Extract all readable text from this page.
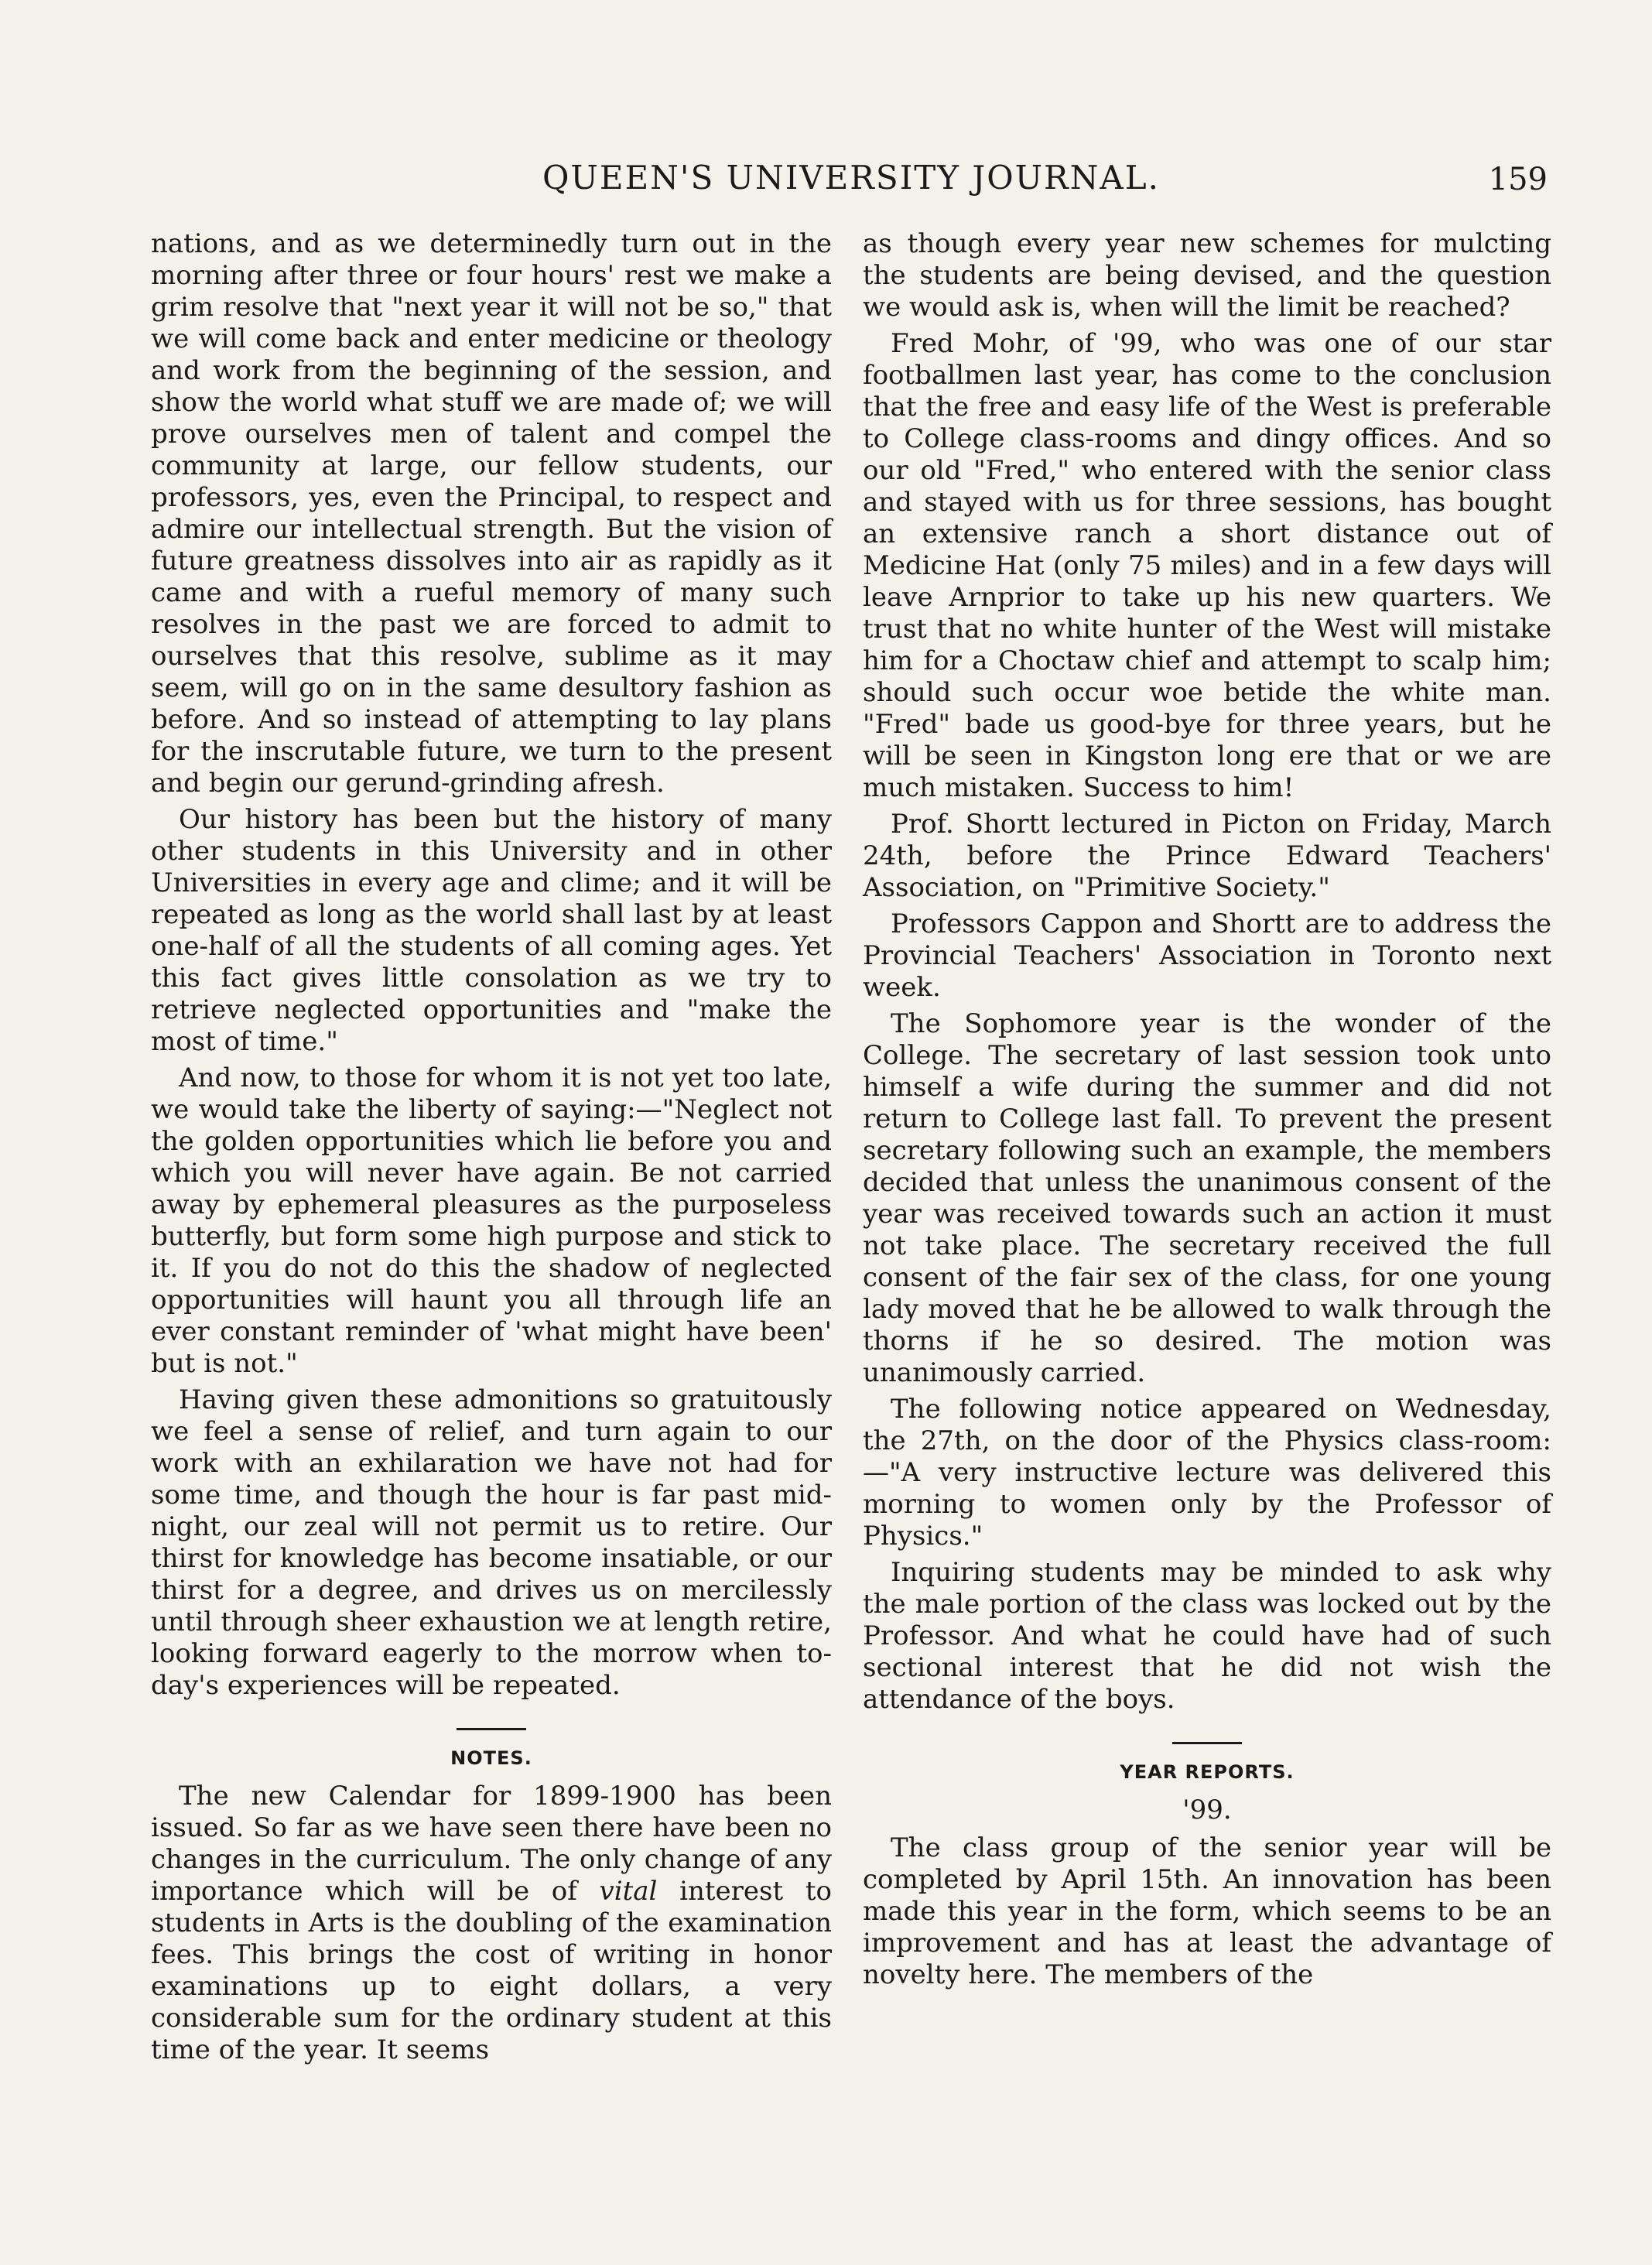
QUEEN'S UNIVERSITY JOURNAL.	159

nations, and as we determinedly turn out in the morning after three or four hours' rest we make a grim resolve that "next year it will not be so," that we will come back and enter medicine or theology and work from the beginning of the session, and show the world what stuff we are made of; we will prove ourselves men of talent and compel the community at large, our fellow students, our professors, yes, even the Principal, to respect and admire our intellectual strength. But the vision of future greatness dissolves into air as rapidly as it came and with a rueful memory of many such resolves in the past we are forced to admit to ourselves that this resolve, sublime as it may seem, will go on in the same desultory fashion as before. And so instead of attempting to lay plans for the inscrutable future, we turn to the present and begin our gerund-grinding afresh.

Our history has been but the history of many other students in this University and in other Universities in every age and clime; and it will be repeated as long as the world shall last by at least one-half of all the students of all coming ages. Yet this fact gives little consolation as we try to retrieve neglected opportunities and "make the most of time."

And now, to those for whom it is not yet too late, we would take the liberty of saying:—"Neglect not the golden opportunities which lie before you and which you will never have again. Be not carried away by ephemeral pleasures as the purposeless butterfly, but form some high purpose and stick to it. If you do not do this the shadow of neglected opportunities will haunt you all through life an ever constant reminder of 'what might have been' but is not."

Having given these admonitions so gratuitously we feel a sense of relief, and turn again to our work with an exhilaration we have not had for some time, and though the hour is far past mid-night, our zeal will not permit us to retire. Our thirst for knowledge has become insatiable, or our thirst for a degree, and drives us on mercilessly until through sheer exhaustion we at length retire, looking forward eagerly to the morrow when to-day's experiences will be repeated.

NOTES.

The new Calendar for 1899-1900 has been issued. So far as we have seen there have been no changes in the curriculum. The only change of any importance which will be of vital interest to students in Arts is the doubling of the examination fees. This brings the cost of writing in honor examinations up to eight dollars, a very considerable sum for the ordinary student at this time of the year. It seems

as though every year new schemes for mulcting the students are being devised, and the question we would ask is, when will the limit be reached?

Fred Mohr, of '99, who was one of our star footballmen last year, has come to the conclusion that the free and easy life of the West is preferable to College class-rooms and dingy offices. And so our old "Fred," who entered with the senior class and stayed with us for three sessions, has bought an extensive ranch a short distance out of Medicine Hat (only 75 miles) and in a few days will leave Arnprior to take up his new quarters. We trust that no white hunter of the West will mistake him for a Choctaw chief and attempt to scalp him; should such occur woe betide the white man. "Fred" bade us good-bye for three years, but he will be seen in Kingston long ere that or we are much mistaken. Success to him!

Prof. Shortt lectured in Picton on Friday, March 24th, before the Prince Edward Teachers' Association, on "Primitive Society."

Professors Cappon and Shortt are to address the Provincial Teachers' Association in Toronto next week.

The Sophomore year is the wonder of the College. The secretary of last session took unto himself a wife during the summer and did not return to College last fall. To prevent the present secretary following such an example, the members decided that unless the unanimous consent of the year was received towards such an action it must not take place. The secretary received the full consent of the fair sex of the class, for one young lady moved that he be allowed to walk through the thorns if he so desired. The motion was unanimously carried.

The following notice appeared on Wednesday, the 27th, on the door of the Physics class-room:—"A very instructive lecture was delivered this morning to women only by the Professor of Physics."

Inquiring students may be minded to ask why the male portion of the class was locked out by the Professor. And what he could have had of such sectional interest that he did not wish the attendance of the boys.

YEAR REPORTS.
'99.

The class group of the senior year will be completed by April 15th. An innovation has been made this year in the form, which seems to be an improvement and has at least the advantage of novelty here. The members of the
